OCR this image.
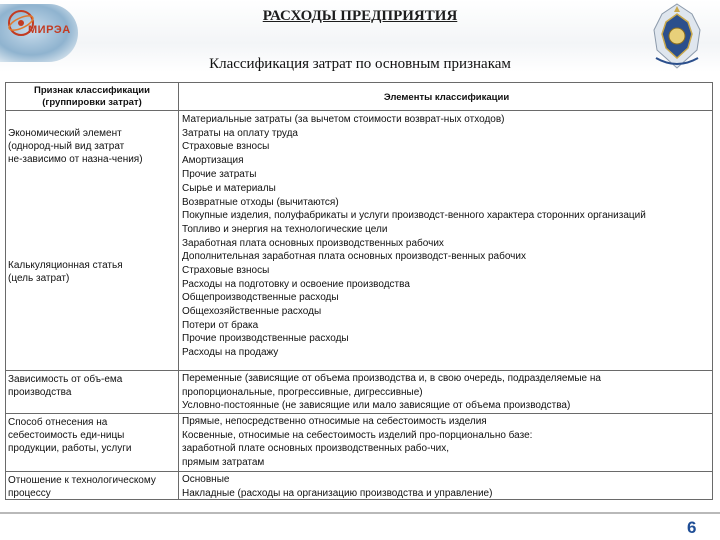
МИРЭА
РАСХОДЫ ПРЕДПРИЯТИЯ
Классификация затрат по основным признакам
Признак классификации
(группировки затрат)	Элементы классификации
Экономический элемент
(однород-ный вид затрат
не-зависимо от назна-чения)
Материальные затраты (за вычетом стоимости возврат-ных отходов)
Затраты на оплату труда
Страховые взносы
Амортизация
Прочие затраты
Калькуляционная статья
(цель затрат)
Сырье и материалы
Возвратные отходы (вычитаются)
Покупные изделия, полуфабрикаты и услуги производст-венного характера сторонних организаций
Топливо и энергия на технологические цели
Заработная плата основных производственных рабочих
Дополнительная заработная плата основных производст-венных рабочих
Страховые взносы
Расходы на подготовку и освоение производства
Общепроизводственные расходы
Общехозяйственные расходы
Потери от брака
Прочие производственные расходы
Расходы на продажу
Зависимость от объ-ема
производства
Переменные (зависящие от объема производства и, в свою очередь, подразделяемые на
пропорциональные, прогрессивные, дигрессивные)
Условно-постоянные (не зависящие или мало зависящие от объема производства)
Способ отнесения на
себестоимость еди-ницы
продукции, работы, услуги
Прямые, непосредственно относимые на себестоимость изделия
Косвенные, относимые на себестоимость изделий про-порционально базе:
заработной плате основных производственных рабо-чих,
прямым затратам
Отношение к технологическому
процессу
Основные
Накладные (расходы на организацию производства и управление)
6
